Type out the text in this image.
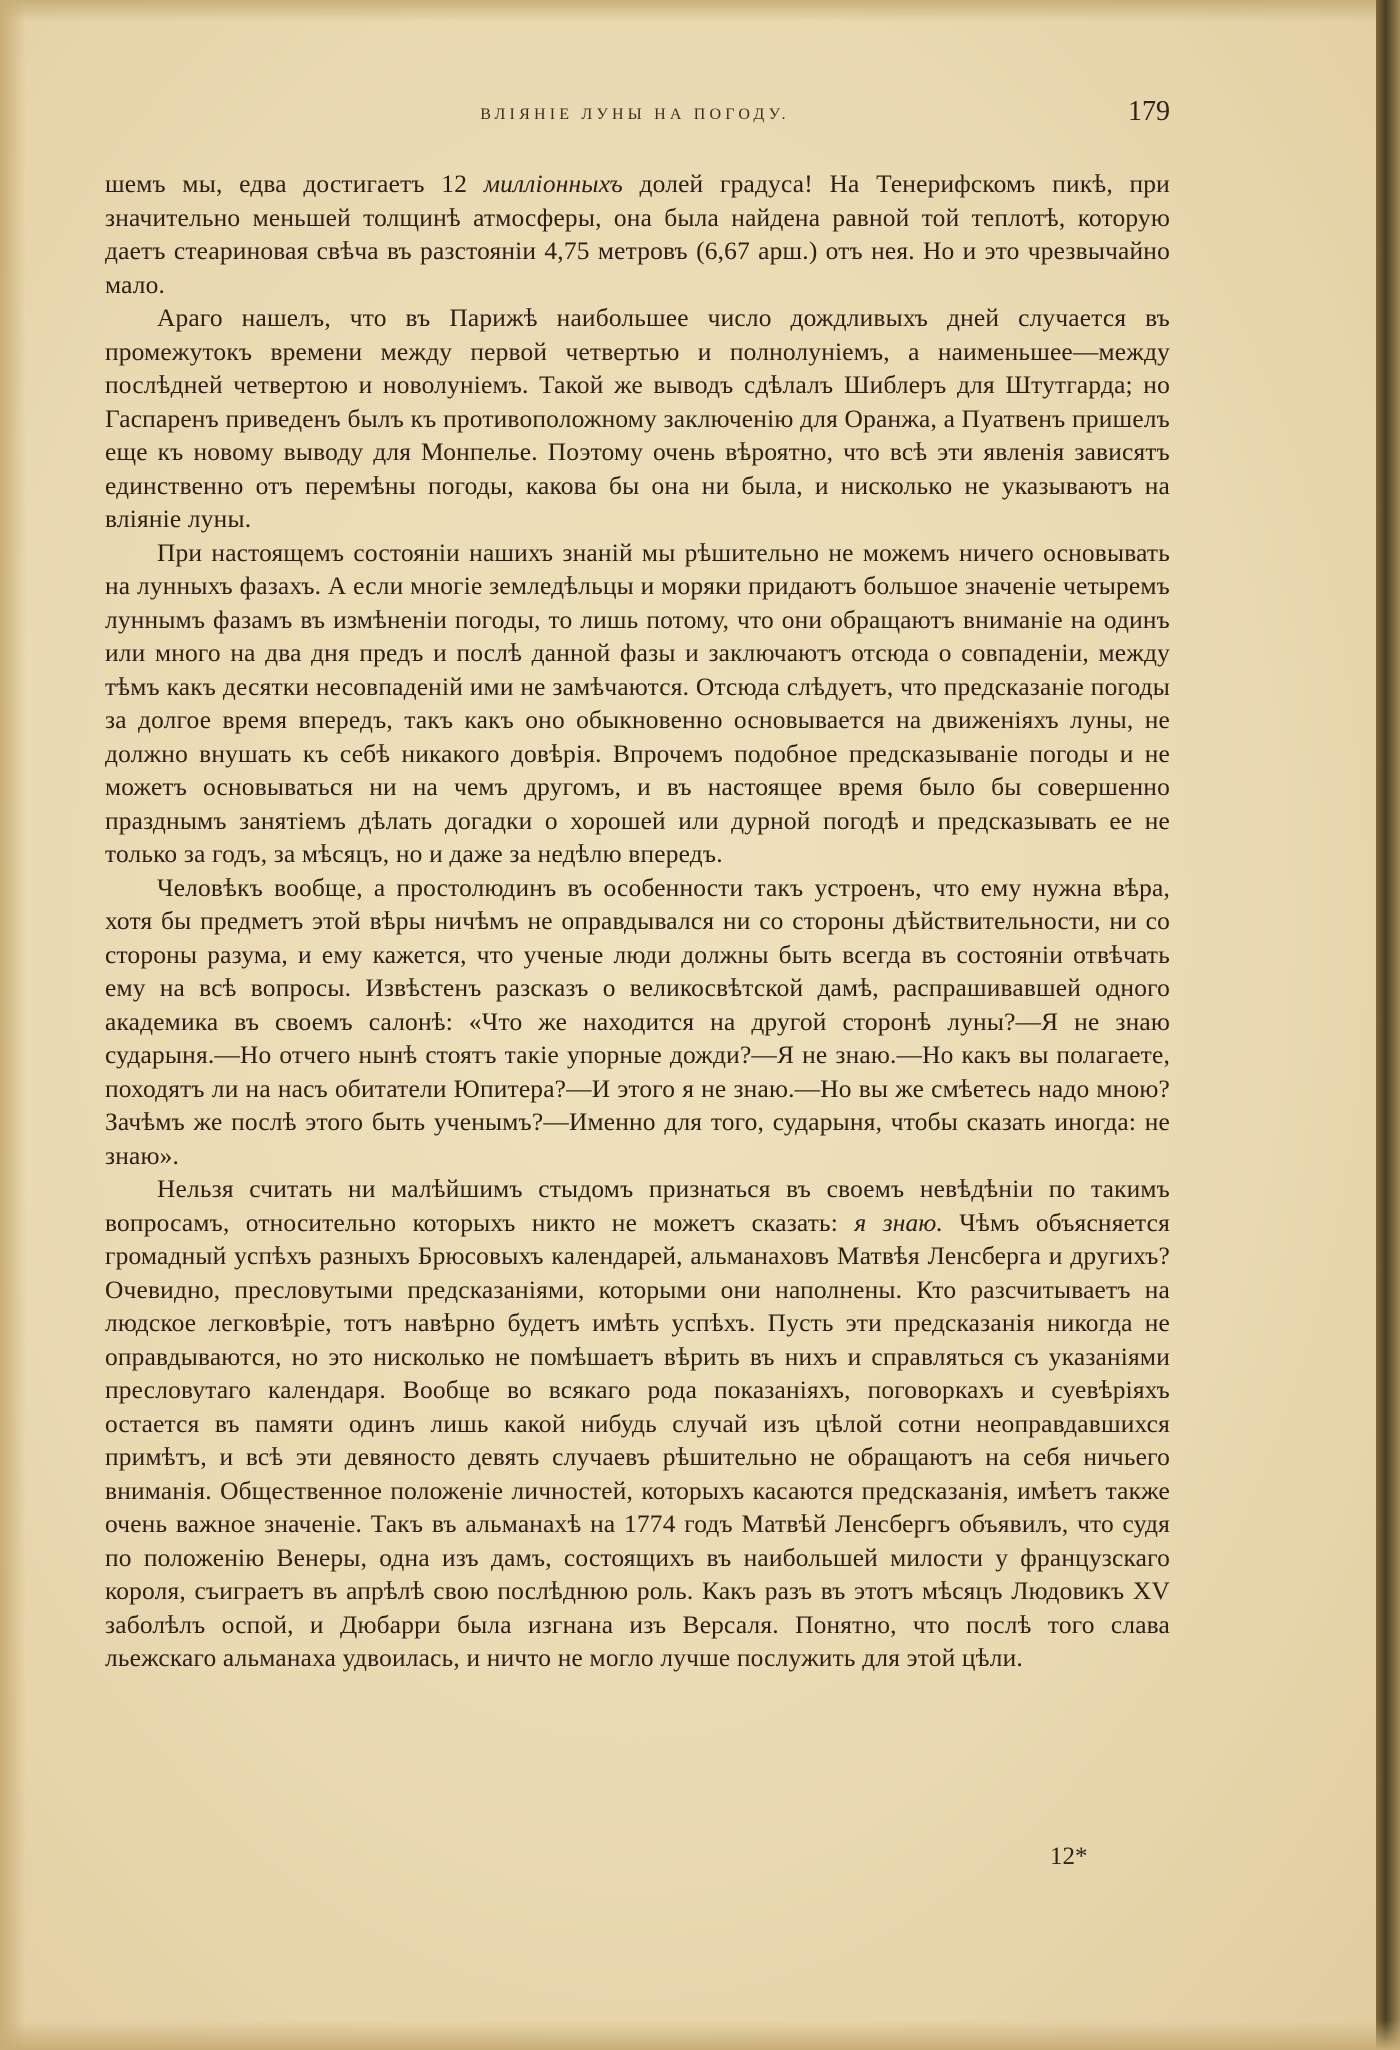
ВЛІЯНІЕ ЛУНЫ НА ПОГОДУ.	179

шемъ мы, едва достигаетъ 12 милліонныхъ долей градуса! На Тенерифскомъ пикѣ, при значительно меньшей толщинѣ атмосферы, она была найдена равной той теплотѣ, которую даетъ стеариновая свѣча въ разстояніи 4,75 метровъ (6,67 арш.) отъ нея. Но и это чрезвычайно мало.

Араго нашелъ, что въ Парижѣ наибольшее число дождливыхъ дней случается въ промежутокъ времени между первой четвертью и полнолуніемъ, а наименьшее—между послѣдней четвертою и новолуніемъ. Такой же выводъ сдѣлалъ Шиблеръ для Штутгарда; но Гаспаренъ приведенъ былъ къ противоположному заключенію для Оранжа, а Пуатвенъ пришелъ еще къ новому выводу для Монпелье. Поэтому очень вѣроятно, что всѣ эти явленія зависятъ единственно отъ перемѣны погоды, какова бы она ни была, и нисколько не указываютъ на вліяніе луны.

При настоящемъ состояніи нашихъ знаній мы рѣшительно не можемъ ничего основывать на лунныхъ фазахъ. А если многіе земледѣльцы и моряки придаютъ большое значеніе четыремъ луннымъ фазамъ въ измѣненіи погоды, то лишь потому, что они обращаютъ вниманіе на одинъ или много на два дня предъ и послѣ данной фазы и заключаютъ отсюда о совпаденіи, между тѣмъ какъ десятки несовпаденій ими не замѣчаются. Отсюда слѣдуетъ, что предсказаніе погоды за долгое время впередъ, такъ какъ оно обыкновенно основывается на движеніяхъ луны, не должно внушать къ себѣ никакого довѣрія. Впрочемъ подобное предсказываніе погоды и не можетъ основываться ни на чемъ другомъ, и въ настоящее время было бы совершенно празднымъ занятіемъ дѣлать догадки о хорошей или дурной погодѣ и предсказывать ее не только за годъ, за мѣсяцъ, но и даже за недѣлю впередъ.

Человѣкъ вообще, а простолюдинъ въ особенности такъ устроенъ, что ему нужна вѣра, хотя бы предметъ этой вѣры ничѣмъ не оправдывался ни со стороны дѣйствительности, ни со стороны разума, и ему кажется, что ученые люди должны быть всегда въ состояніи отвѣчать ему на всѣ вопросы. Извѣстенъ разсказъ о великосвѣтской дамѣ, распрашивавшей одного академика въ своемъ салонѣ: «Что же находится на другой сторонѣ луны?—Я не знаю сударыня.—Но отчего нынѣ стоятъ такіе упорные дожди?—Я не знаю.—Но какъ вы полагаете, походятъ ли на насъ обитатели Юпитера?—И этого я не знаю.—Но вы же смѣетесь надо мною? Зачѣмъ же послѣ этого быть ученымъ?—Именно для того, сударыня, чтобы сказать иногда: не знаю».

Нельзя считать ни малѣйшимъ стыдомъ признаться въ своемъ невѣдѣніи по такимъ вопросамъ, относительно которыхъ никто не можетъ сказать: я знаю. Чѣмъ объясняется громадный успѣхъ разныхъ Брюсовыхъ календарей, альманаховъ Матвѣя Ленсберга и другихъ? Очевидно, пресловутыми предсказаніями, которыми они наполнены. Кто разсчитываетъ на людское легковѣріе, тотъ навѣрно будетъ имѣть успѣхъ. Пусть эти предсказанія никогда не оправдываются, но это нисколько не помѣшаетъ вѣрить въ нихъ и справляться съ указаніями пресловутаго календаря. Вообще во всякаго рода показаніяхъ, поговоркахъ и суевѣріяхъ остается въ памяти одинъ лишь какой нибудь случай изъ цѣлой сотни неоправдавшихся примѣтъ, и всѣ эти девяносто девять случаевъ рѣшительно не обращаютъ на себя ничьего вниманія. Общественное положеніе личностей, которыхъ касаются предсказанія, имѣетъ также очень важное значеніе. Такъ въ альманахѣ на 1774 годъ Матвѣй Ленсбергъ объявилъ, что судя по положенію Венеры, одна изъ дамъ, состоящихъ въ наибольшей милости у французскаго короля, съиграетъ въ апрѣлѣ свою послѣднюю роль. Какъ разъ въ этотъ мѣсяцъ Людовикъ XV заболѣлъ оспой, и Дюбарри была изгнана изъ Версаля. Понятно, что послѣ того слава льежскаго альманаха удвоилась, и ничто не могло лучше послужить для этой цѣли.

12*
